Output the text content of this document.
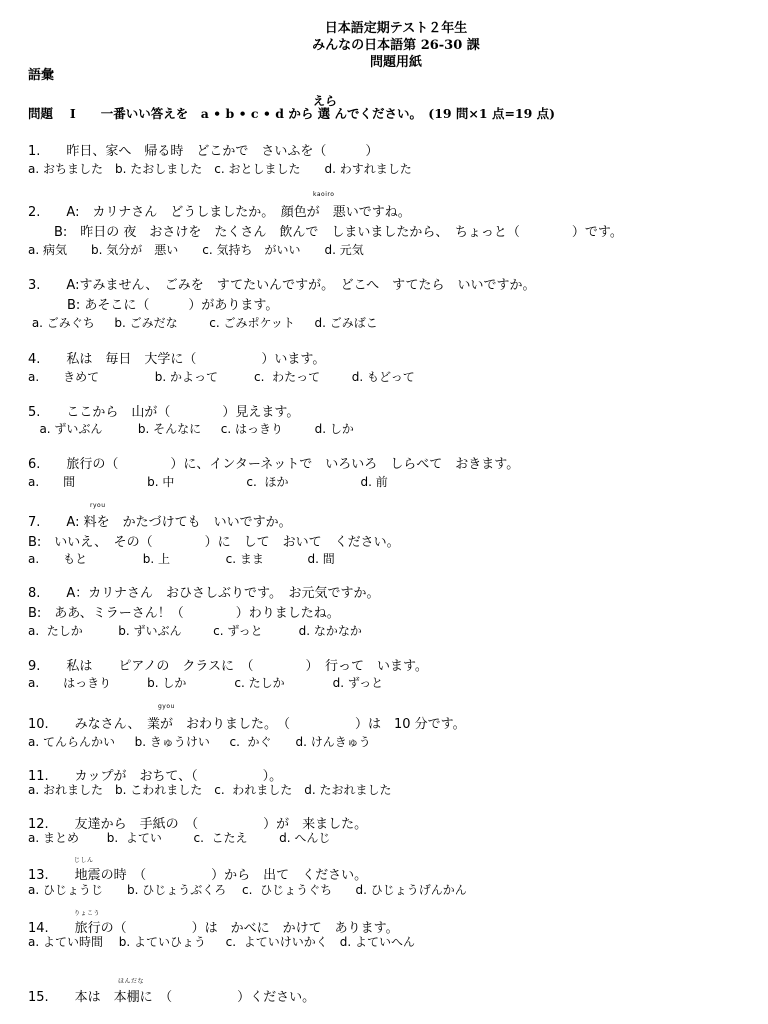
日本語定期テスト２年生
みんなの日本語第 26-30 課
問題用紙
語彙
えら
問題　 I　　一番いい答えを　a • b • c • d から 選 んでください。　(19 問×1 点=19 点)
1.　　昨日、家へ　帰る時　どこかで　さいふを（　　　）
a. おちました　b. たおしました　c. おとしました　　d. わすれました
kaoiro
2.　　A:　カリナさん　どうしましたか。　顔色が　悪いですね。
　　B:　昨日の 夜　おさけを　たくさん　飲んで　しまいましたから、　ちょっと（　　　　）です。
a. 病気　　b. 気分が　悪い　　c. 気持ち　がいい　　d. 元気
3.　　A:すみません、　ごみを　すてたいんですが。　どこへ　すてたら　いいですか。
　　　B: あそこに（　　　）があります。
a. ごみぐち　  b. ごみだな　　  c. ごみポケット　  d. ごみばこ
4.　　私は　毎日　大学に（　　　　　）います。
a.　　きめて　　　　  b. かよって　　　c.  わたって　　  d. もどって
5.　　ここから　山が（　　　　）見えます。
a. ずいぶん　　   b. そんなに　  c. はっきり　　  d. しか
6.　　旅行の（　　　　）に、インターネットで　いろいろ　しらべて　おきます。
a.　　間　　　　　　b. 中　　　　　　c.  ほか　　　　　　d. 前
ryou
7.　　A: 料を　かたづけても　いいですか。
B:　いいえ、　その（　　　　）に　して　おいて　ください。
a.　　もと　　　　  b. 上　　　　  c. まま　　　  d. 間
8.　　A：カリナさん　おひさしぶりです。　お元気ですか。
B:　ああ、ミラーさん！（　　　　）わりましたね。
a.  たしか　　   b. ずいぶん　　  c. ずっと　　　d. なかなか
9.　　私は　　ピアノの　クラスに　（　　　　）　行って　います。
a.　　はっきり　　　b. しか　　　　c. たしか　　　　d. ずっと
gyou
10.　　みなさん、　業が　おわりました。　（　　　　　）は　10 分です。
a. てんらんかい　  b. きゅうけい　  c.  かぐ　　d. けんきゅう
11.　　カップが　おちて、（　　　　　）。
a. おれました　b. こわれました　c.  われました　d. たおれました
12.　　友達から　手紙の　（　　　　　）が　来ました。
a. まとめ　　 b.  よてい　　  c.  こたえ　　  d. へんじ
じしん
13.　　地震の時　（　　　　　）から　出て　ください。
a. ひじょうじ　　b. ひじょうぶくろ　 c.  ひじょうぐち　   d. ひじょうげんかん
りょこう
14.　　旅行の（　　　　　）は　かべに　かけて　あります。
a. よてい時間　 b. よていひょう　  c.  よていけいかく　d. よていへん
ほんだな
15.　　本は　本棚に　（　　　　　）ください。
